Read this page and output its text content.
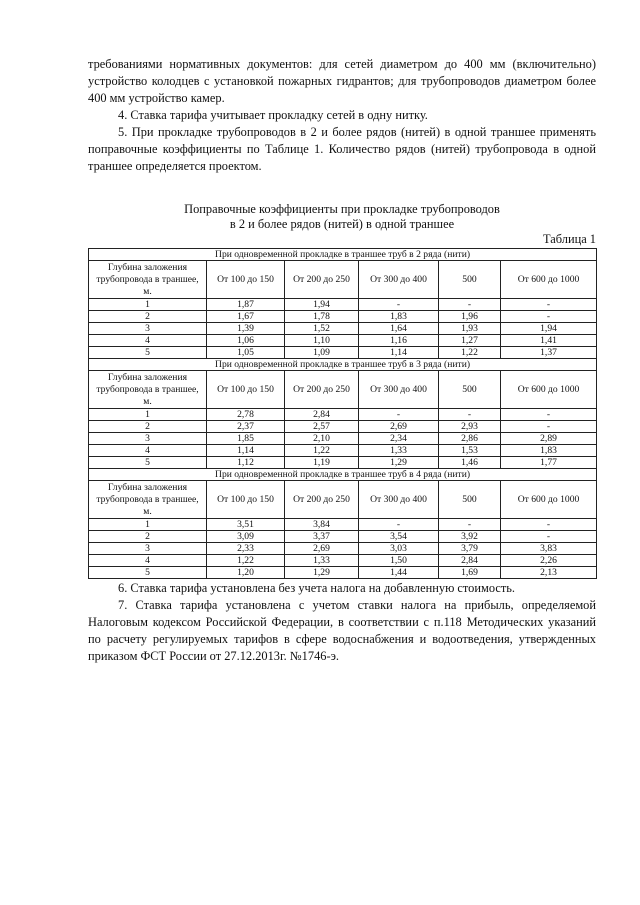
требованиями нормативных документов: для сетей диаметром до 400 мм (включительно) устройство колодцев с установкой пожарных гидрантов; для трубопроводов диаметром более 400 мм устройство камер.

4. Ставка тарифа учитывает прокладку сетей в одну нитку.

5. При прокладке трубопроводов в 2 и более рядов (нитей) в одной траншее применять поправочные коэффициенты по Таблице 1. Количество рядов (нитей) трубопровода в одной траншее определяется проектом.

Поправочные коэффициенты при прокладке трубопроводов
в 2 и более рядов (нитей) в одной траншее
Таблица 1
При одновременной прокладке в траншее труб в 2 ряда (нити)					
Глубина заложения трубопровода в траншее, м.	От 100 до 150	От 200 до 250	От 300 до 400	500	От 600 до 1000
1	1,87	1,94	-	-	-
2	1,67	1,78	1,83	1,96	-
3	1,39	1,52	1,64	1,93	1,94
4	1,06	1,10	1,16	1,27	1,41
5	1,05	1,09	1,14	1,22	1,37
При одновременной прокладке в траншее труб в 3 ряда (нити)					
Глубина заложения трубопровода в траншее, м.	От 100 до 150	От 200 до 250	От 300 до 400	500	От 600 до 1000
1	2,78	2,84	-	-	-
2	2,37	2,57	2,69	2,93	-
3	1,85	2,10	2,34	2,86	2,89
4	1,14	1,22	1,33	1,53	1,83
5	1,12	1,19	1,29	1,46	1,77
При одновременной прокладке в траншее труб в 4 ряда (нити)					
Глубина заложения трубопровода в траншее, м.	От 100 до 150	От 200 до 250	От 300 до 400	500	От 600 до 1000
1	3,51	3,84	-	-	-
2	3,09	3,37	3,54	3,92	-
3	2,33	2,69	3,03	3,79	3,83
4	1,22	1,33	1,50	2,84	2,26
5	1,20	1,29	1,44	1,69	2,13

6. Ставка тарифа установлена без учета налога на добавленную стоимость.

7. Ставка тарифа установлена с учетом ставки налога на прибыль, определяемой Налоговым кодексом Российской Федерации, в соответствии с п.118 Методических указаний по расчету регулируемых тарифов в сфере водоснабжения и водоотведения, утвержденных приказом ФСТ России от 27.12.2013г. №1746-э.
